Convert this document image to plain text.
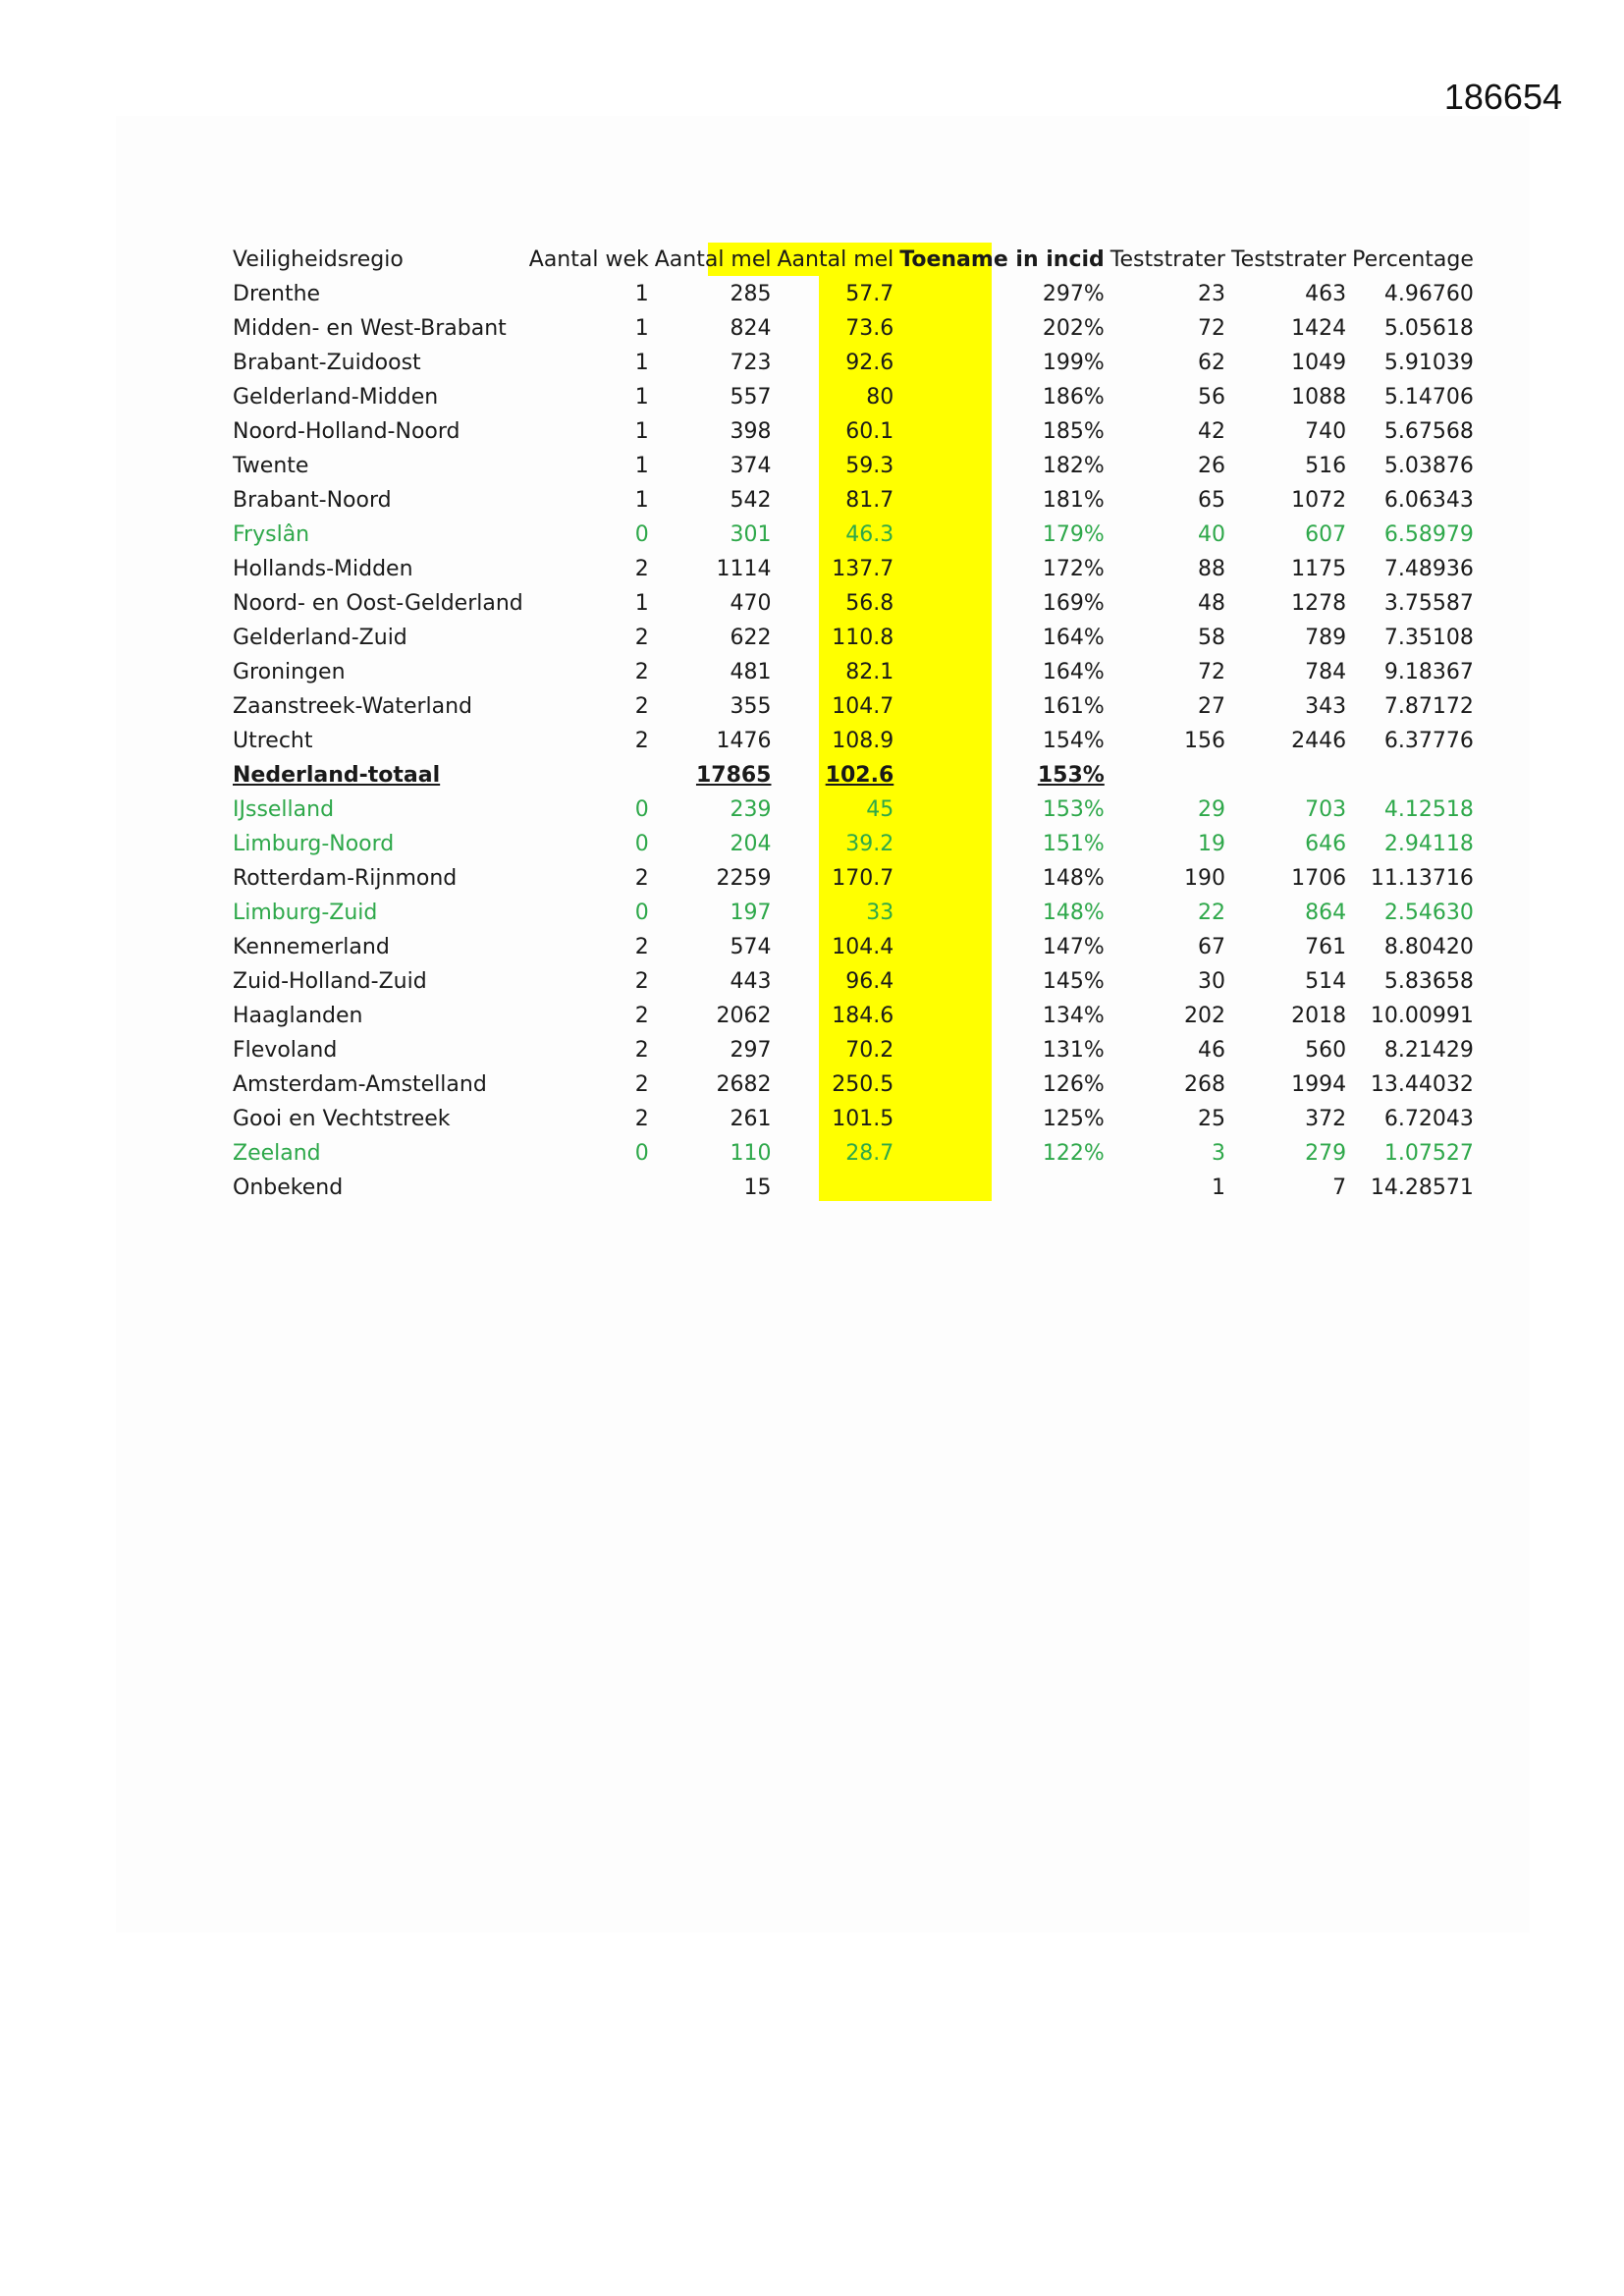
186654
Veiligheidsregio	Aantal wek	Aantal mel	Aantal mel	Toename in incid	Teststrater	Teststrater	Percentage
Drenthe	1	285	57.7	297%	23	463	4.96760
Midden- en West-Brabant	1	824	73.6	202%	72	1424	5.05618
Brabant-Zuidoost	1	723	92.6	199%	62	1049	5.91039
Gelderland-Midden	1	557	80	186%	56	1088	5.14706
Noord-Holland-Noord	1	398	60.1	185%	42	740	5.67568
Twente	1	374	59.3	182%	26	516	5.03876
Brabant-Noord	1	542	81.7	181%	65	1072	6.06343
Fryslân	0	301	46.3	179%	40	607	6.58979
Hollands-Midden	2	1114	137.7	172%	88	1175	7.48936
Noord- en Oost-Gelderland	1	470	56.8	169%	48	1278	3.75587
Gelderland-Zuid	2	622	110.8	164%	58	789	7.35108
Groningen	2	481	82.1	164%	72	784	9.18367
Zaanstreek-Waterland	2	355	104.7	161%	27	343	7.87172
Utrecht	2	1476	108.9	154%	156	2446	6.37776
Nederland-totaal		17865	102.6	153%			
IJsselland	0	239	45	153%	29	703	4.12518
Limburg-Noord	0	204	39.2	151%	19	646	2.94118
Rotterdam-Rijnmond	2	2259	170.7	148%	190	1706	11.13716
Limburg-Zuid	0	197	33	148%	22	864	2.54630
Kennemerland	2	574	104.4	147%	67	761	8.80420
Zuid-Holland-Zuid	2	443	96.4	145%	30	514	5.83658
Haaglanden	2	2062	184.6	134%	202	2018	10.00991
Flevoland	2	297	70.2	131%	46	560	8.21429
Amsterdam-Amstelland	2	2682	250.5	126%	268	1994	13.44032
Gooi en Vechtstreek	2	261	101.5	125%	25	372	6.72043
Zeeland	0	110	28.7	122%	3	279	1.07527
Onbekend		15			1	7	14.28571
